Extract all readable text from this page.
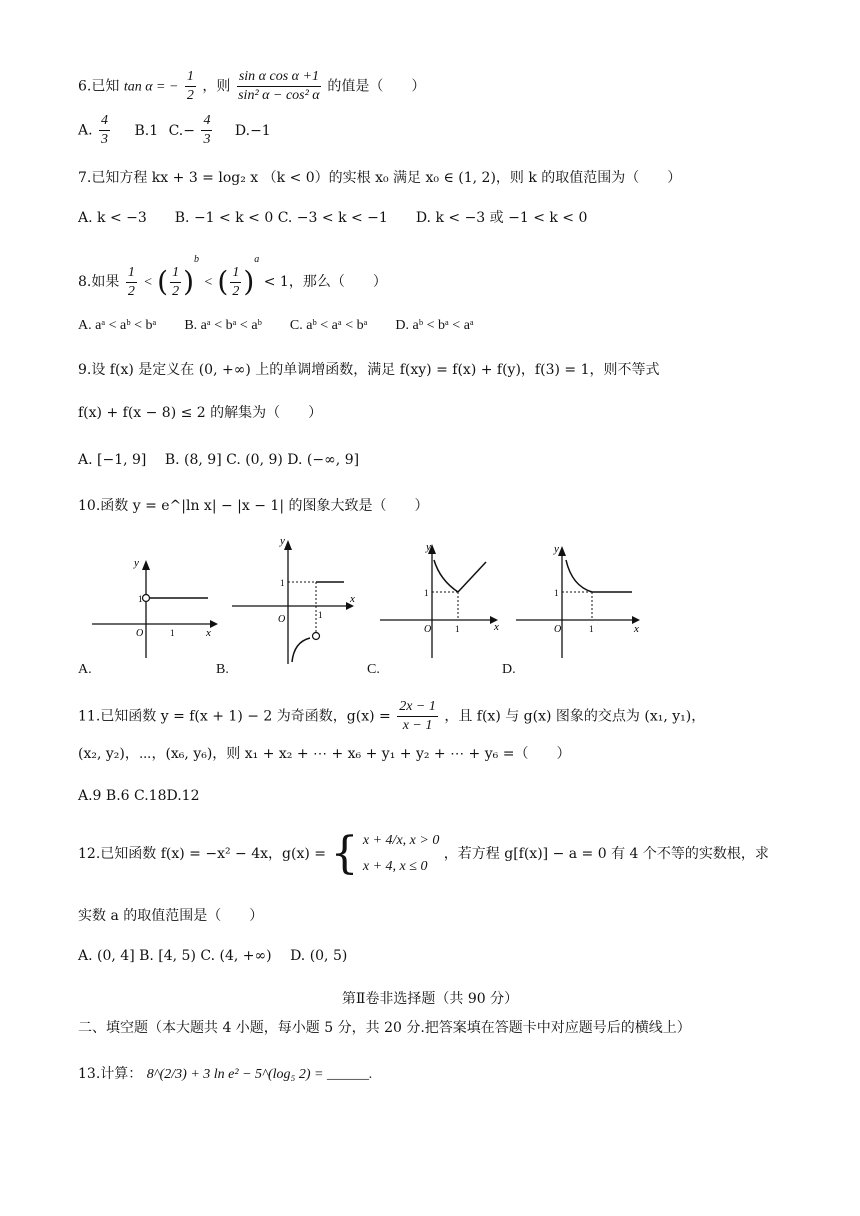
6.已知 tan α = − $\frac{1}{2}$ ，则 $\frac{\text{sin α cos α +1}}{\text{sin² α − cos² α}}$ 的值是（　　）
A. $\frac{4}{3} B.1$ $C.- \frac{4}{3} D.-1$
7.已知方程 kx + 3 = log₂ x （k < 0）的实根 x₀ 满足 x₀ ∈ (1, 2)，则 k 的取值范围为（　　）
A. k < −3　　B. −1 < k < 0 C. −3 < k < −1　　D. k < −3 或 −1 < k < 0
8.如果 $\frac{1}{2}$ < ( $\frac{1}{2} )^b$ < ( $\frac{1}{2} )^a < 1$，那么（　　）
A. aᵃ < aᵇ < bᵃ　　B. aᵃ < bᵃ < aᵇ　　C. aᵇ < aᵃ < bᵃ　　D. aᵇ < bᵃ < aᵃ
9.设 f(x) 是定义在 (0, +∞) 上的单调增函数，满足 f(xy) = f(x) + f(y)，f(3) = 1，则不等式
f(x) + f(x − 8) ≤ 2 的解集为（　　）
A. [−1, 9]　 B. (8, 9] C. (0, 9) D. (−∞, 9]
10.函数 y = e^|ln x| − |x − 1| 的图象大致是（　　）
y
x
O
1
1
y
x
O
1
1
y
x
O
1
1
y
x
O
1
1
A.	B.	C.	D.
11.已知函数 y = f(x + 1) − 2 为奇函数，$g(x) = \frac{2x - 1}{x - 1}$ ，且 f(x) 与 g(x) 图象的交点为 (x₁, y₁)，
(x₂, y₂)，⋯，(x₆, y₆)，则 x₁ + x₂ + ⋯ + x₆ + y₁ + y₂ + ⋯ + y₆ =（　　）
A.9 B.6 C.18D.12
12.已知函数 f(x) = −x² − 4x，g(x) = { x + 4/x, x > 0
x + 4, x ≤ 0
，若方程 g[f(x)] − a = 0 有 4 个不等的实数根，求
实数 a 的取值范围是（　　）
A. (0, 4] B. [4, 5) C. (4, +∞)　 D. (0, 5)
第Ⅱ卷非选择题（共 90 分）
二、填空题（本大题共 4 小题，每小题 5 分，共 20 分.把答案填在答题卡中对应题号后的横线上）
13.计算： 8^(2/3) + 3 ln e² − 5^(log₅ 2) = ______.
